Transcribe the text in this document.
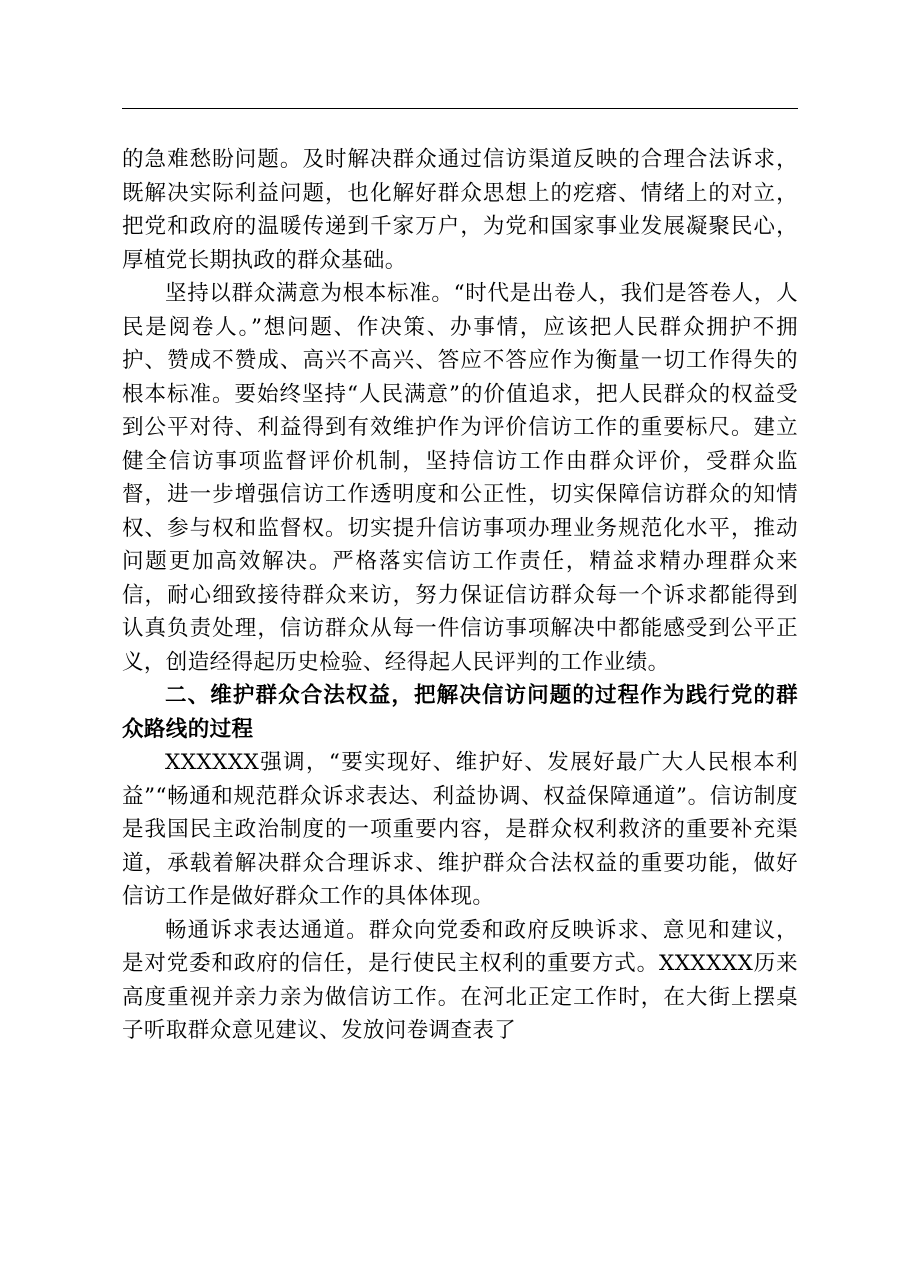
的急难愁盼问题。及时解决群众通过信访渠道反映的合理合法诉求，既解决实际利益问题，也化解好群众思想上的疙瘩、情绪上的对立，把党和政府的温暖传递到千家万户，为党和国家事业发展凝聚民心，厚植党长期执政的群众基础。

坚持以群众满意为根本标准。“时代是出卷人，我们是答卷人，人民是阅卷人。”想问题、作决策、办事情，应该把人民群众拥护不拥护、赞成不赞成、高兴不高兴、答应不答应作为衡量一切工作得失的根本标准。要始终坚持“人民满意”的价值追求，把人民群众的权益受到公平对待、利益得到有效维护作为评价信访工作的重要标尺。建立健全信访事项监督评价机制，坚持信访工作由群众评价，受群众监督，进一步增强信访工作透明度和公正性，切实保障信访群众的知情权、参与权和监督权。切实提升信访事项办理业务规范化水平，推动问题更加高效解决。严格落实信访工作责任，精益求精办理群众来信，耐心细致接待群众来访，努力保证信访群众每一个诉求都能得到认真负责处理，信访群众从每一件信访事项解决中都能感受到公平正义，创造经得起历史检验、经得起人民评判的工作业绩。

二、维护群众合法权益，把解决信访问题的过程作为践行党的群众路线的过程

XXXXXX强调，“要实现好、维护好、发展好最广大人民根本利益”“畅通和规范群众诉求表达、利益协调、权益保障通道”。信访制度是我国民主政治制度的一项重要内容，是群众权利救济的重要补充渠道，承载着解决群众合理诉求、维护群众合法权益的重要功能，做好信访工作是做好群众工作的具体体现。

畅通诉求表达通道。群众向党委和政府反映诉求、意见和建议，是对党委和政府的信任，是行使民主权利的重要方式。XXXXXX历来高度重视并亲力亲为做信访工作。在河北正定工作时，在大街上摆桌子听取群众意见建议、发放问卷调查表了
